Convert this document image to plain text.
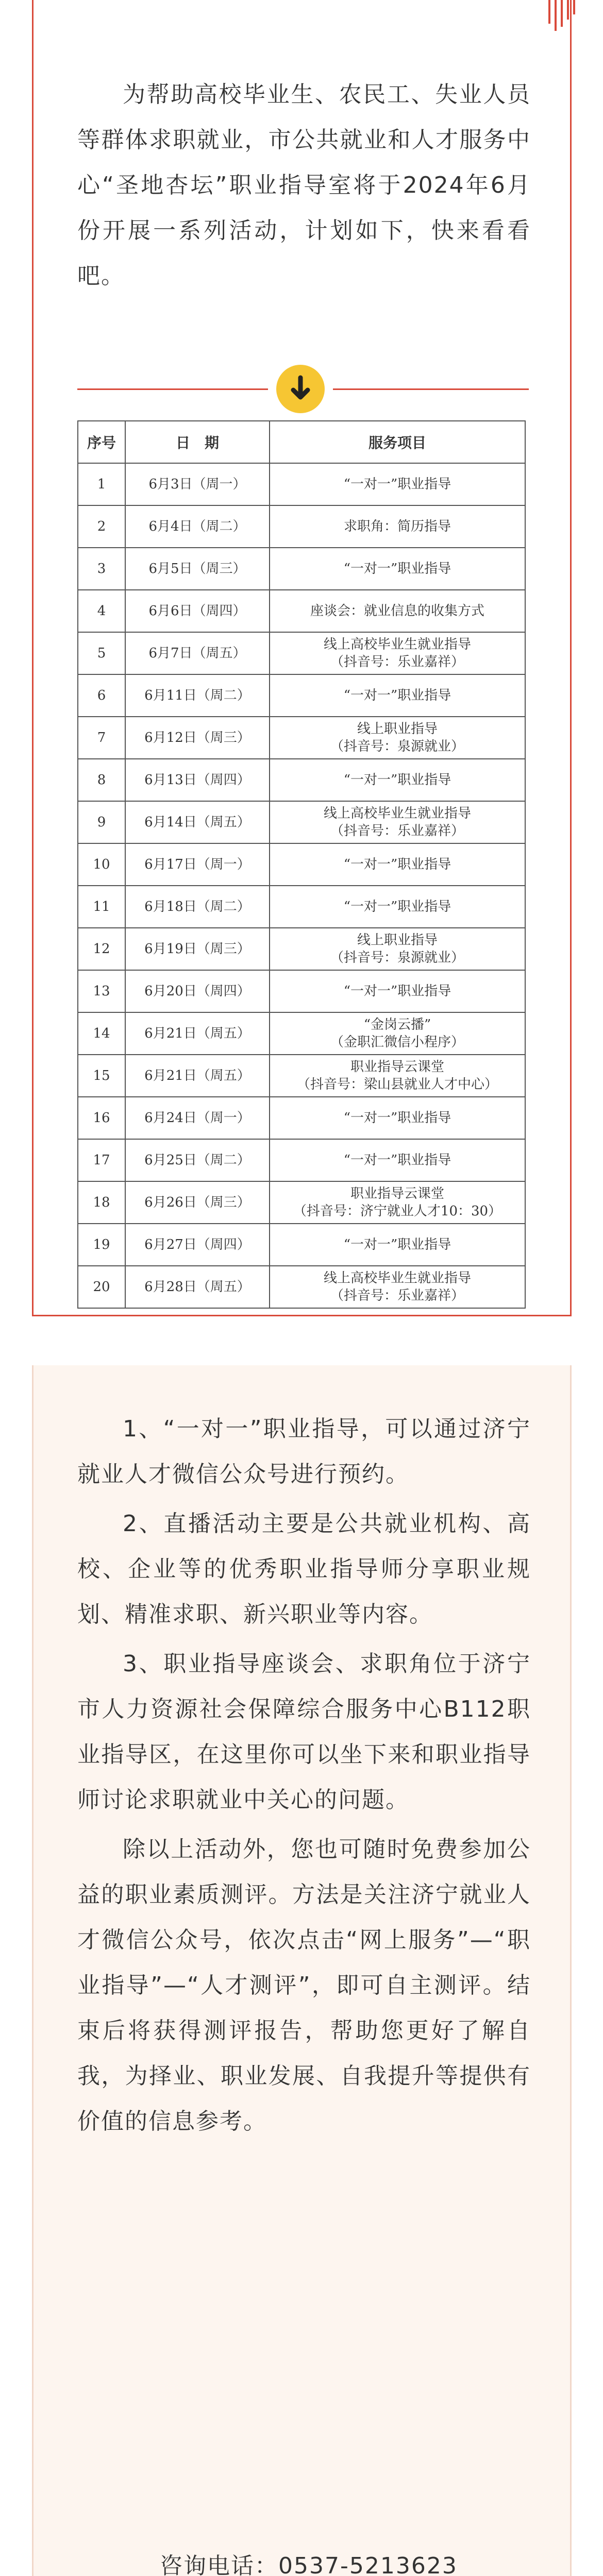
为帮助高校毕业生、农民工、失业人员等群体求职就业，市公共就业和人才服务中心“圣地杏坛”职业指导室将于2024年6月份开展一系列活动，计划如下，快来看看吧。
序号	日　期	服务项目
1	6月3日（周一）	“一对一”职业指导
2	6月4日（周二）	求职角：简历指导
3	6月5日（周三）	“一对一”职业指导
4	6月6日（周四）	座谈会：就业信息的收集方式
5	6月7日（周五）	线上高校毕业生就业指导
（抖音号：乐业嘉祥）
6	6月11日（周二）	“一对一”职业指导
7	6月12日（周三）	线上职业指导
（抖音号：泉源就业）
8	6月13日（周四）	“一对一”职业指导
9	6月14日（周五）	线上高校毕业生就业指导
（抖音号：乐业嘉祥）
10	6月17日（周一）	“一对一”职业指导
11	6月18日（周二）	“一对一”职业指导
12	6月19日（周三）	线上职业指导
（抖音号：泉源就业）
13	6月20日（周四）	“一对一”职业指导
14	6月21日（周五）	“金岗云播”
（金职汇微信小程序）
15	6月21日（周五）	职业指导云课堂
（抖音号：梁山县就业人才中心）
16	6月24日（周一）	“一对一”职业指导
17	6月25日（周二）	“一对一”职业指导
18	6月26日（周三）	职业指导云课堂
（抖音号：济宁就业人才10：30）
19	6月27日（周四）	“一对一”职业指导
20	6月28日（周五）	线上高校毕业生就业指导
（抖音号：乐业嘉祥）

1、“一对一”职业指导，可以通过济宁就业人才微信公众号进行预约。

2、直播活动主要是公共就业机构、高校、企业等的优秀职业指导师分享职业规划、精准求职、新兴职业等内容。

3、职业指导座谈会、求职角位于济宁市人力资源社会保障综合服务中心B112职业指导区，在这里你可以坐下来和职业指导师讨论求职就业中关心的问题。

除以上活动外，您也可随时免费参加公益的职业素质测评。方法是关注济宁就业人才微信公众号，依次点击“网上服务”—“职业指导”—“人才测评”，即可自主测评。结束后将获得测评报告，帮助您更好了解自我，为择业、职业发展、自我提升等提供有价值的信息参考。

咨询电话：0537-5213623
